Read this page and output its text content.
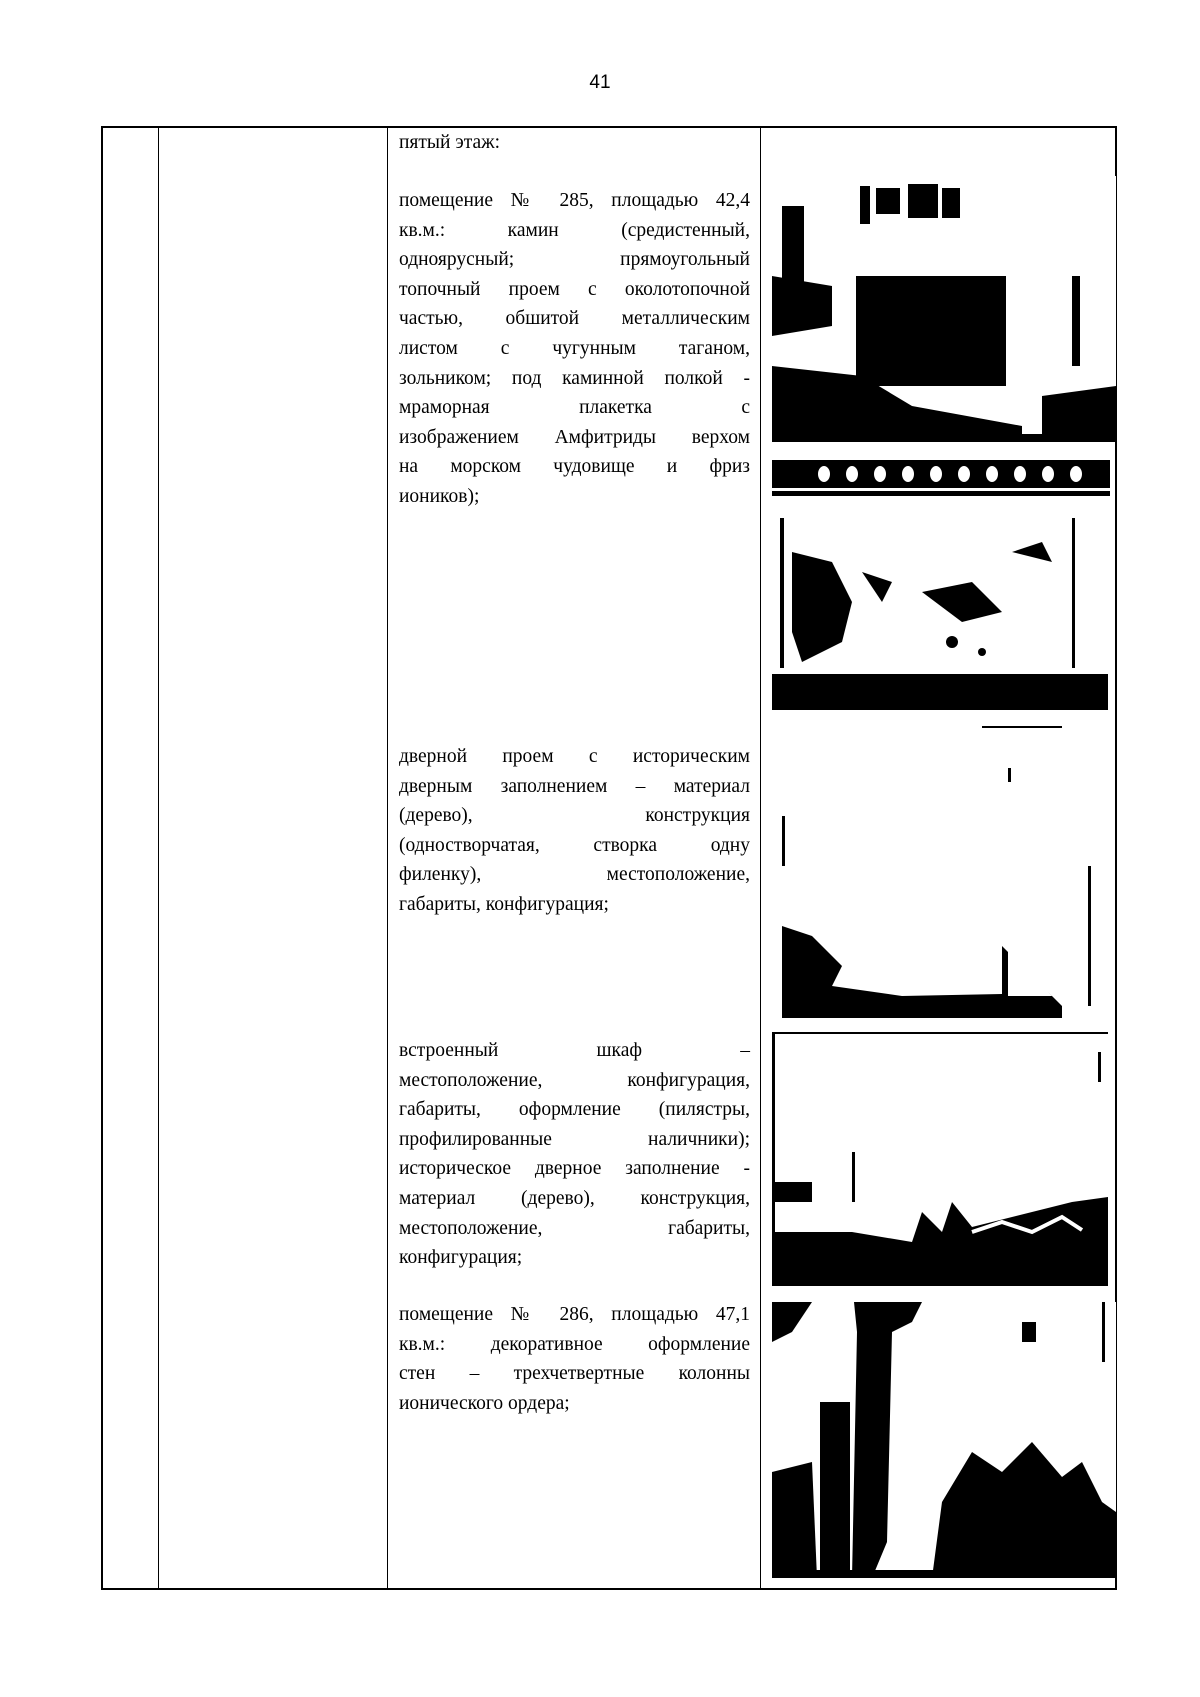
41
пятый этаж:
помещение № 285, площадью 42,4
кв.м.: камин (средистенный,
одноярусный; прямоугольный
топочный проем с околотопочной
частью, обшитой металлическим
листом с чугунным таганом,
зольником; под каминной полкой -
мраморная плакетка с
изображением Амфитриды верхом
на морском чудовище и фриз
иоников);
дверной проем с историческим
дверным заполнением – материал
(дерево), конструкция
(одностворчатая, створка одну
филенку), местоположение,
габариты, конфигурация;
встроенный шкаф –
местоположение, конфигурация,
габариты, оформление (пилястры,
профилированные наличники);
историческое дверное заполнение -
материал (дерево), конструкция,
местоположение, габариты,
конфигурация;
помещение № 286, площадью 47,1
кв.м.: декоративное оформление
стен – трехчетвертные колонны
ионического ордера;
